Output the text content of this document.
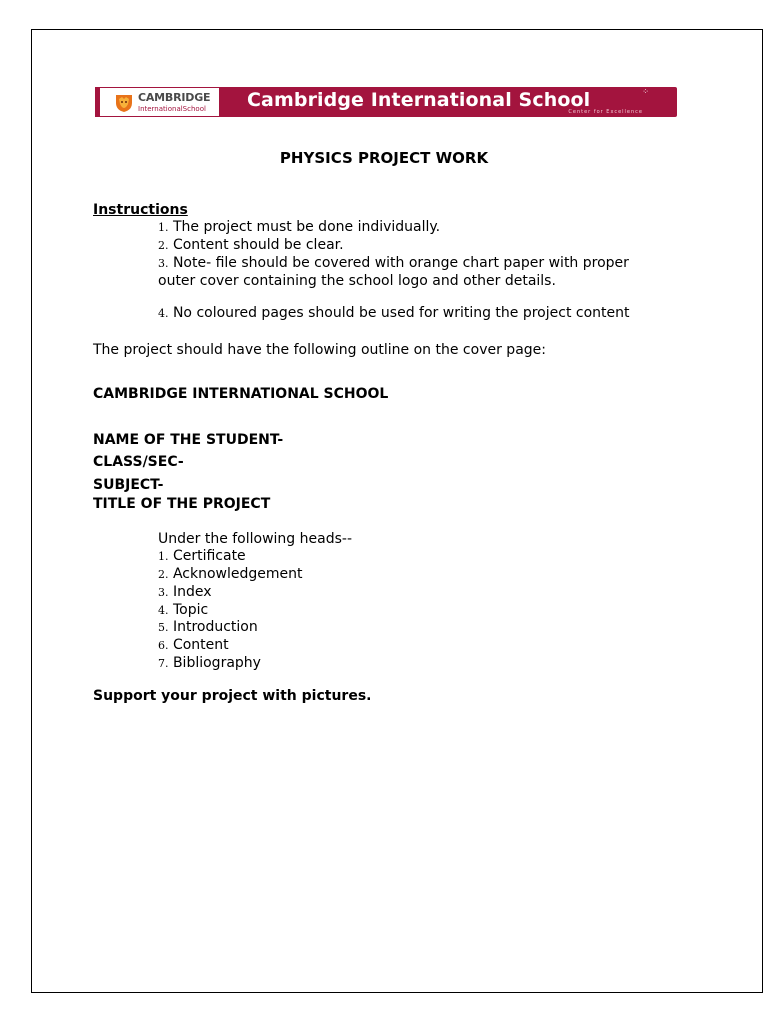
CAMBRIDGE
InternationalSchool Cambridge International School	⁘
Center for Excellence
PHYSICS PROJECT WORK
Instructions
1. The project must be done individually.
2. Content should be clear.
3. Note- file should be covered with orange chart paper with proper outer cover containing the school logo and other details.
4. No coloured pages should be used for writing the project content
The project should have the following outline on the cover page:
CAMBRIDGE INTERNATIONAL SCHOOL
NAME OF THE STUDENT-
CLASS/SEC-
SUBJECT-
TITLE OF THE PROJECT
Under the following heads--
1. Certificate
2. Acknowledgement
3. Index
4. Topic
5. Introduction
6. Content
7. Bibliography
Support your project with pictures.
